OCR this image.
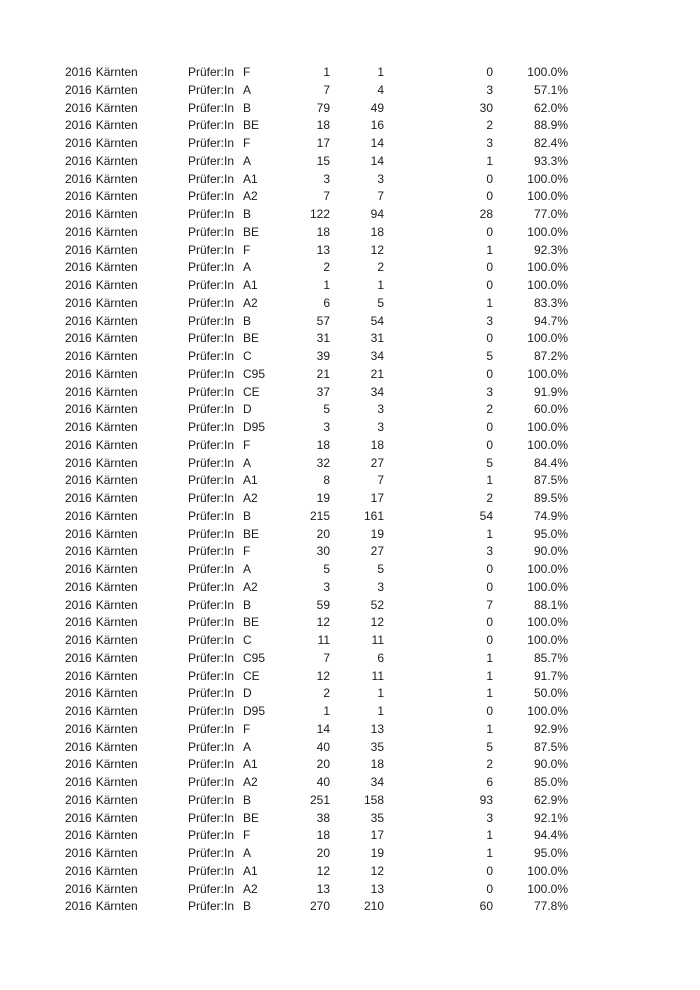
2016 Kärnten	Prüfer:In F	1	1	0	100.0%
2016 Kärnten	Prüfer:In A	7	4	3	57.1%
2016 Kärnten	Prüfer:In B	79	49	30	62.0%
2016 Kärnten	Prüfer:In BE	18	16	2	88.9%
2016 Kärnten	Prüfer:In F	17	14	3	82.4%
2016 Kärnten	Prüfer:In A	15	14	1	93.3%
2016 Kärnten	Prüfer:In A1	3	3	0	100.0%
2016 Kärnten	Prüfer:In A2	7	7	0	100.0%
2016 Kärnten	Prüfer:In B	122	94	28	77.0%
2016 Kärnten	Prüfer:In BE	18	18	0	100.0%
2016 Kärnten	Prüfer:In F	13	12	1	92.3%
2016 Kärnten	Prüfer:In A	2	2	0	100.0%
2016 Kärnten	Prüfer:In A1	1	1	0	100.0%
2016 Kärnten	Prüfer:In A2	6	5	1	83.3%
2016 Kärnten	Prüfer:In B	57	54	3	94.7%
2016 Kärnten	Prüfer:In BE	31	31	0	100.0%
2016 Kärnten	Prüfer:In C	39	34	5	87.2%
2016 Kärnten	Prüfer:In C95	21	21	0	100.0%
2016 Kärnten	Prüfer:In CE	37	34	3	91.9%
2016 Kärnten	Prüfer:In D	5	3	2	60.0%
2016 Kärnten	Prüfer:In D95	3	3	0	100.0%
2016 Kärnten	Prüfer:In F	18	18	0	100.0%
2016 Kärnten	Prüfer:In A	32	27	5	84.4%
2016 Kärnten	Prüfer:In A1	8	7	1	87.5%
2016 Kärnten	Prüfer:In A2	19	17	2	89.5%
2016 Kärnten	Prüfer:In B	215	161	54	74.9%
2016 Kärnten	Prüfer:In BE	20	19	1	95.0%
2016 Kärnten	Prüfer:In F	30	27	3	90.0%
2016 Kärnten	Prüfer:In A	5	5	0	100.0%
2016 Kärnten	Prüfer:In A2	3	3	0	100.0%
2016 Kärnten	Prüfer:In B	59	52	7	88.1%
2016 Kärnten	Prüfer:In BE	12	12	0	100.0%
2016 Kärnten	Prüfer:In C	11	11	0	100.0%
2016 Kärnten	Prüfer:In C95	7	6	1	85.7%
2016 Kärnten	Prüfer:In CE	12	11	1	91.7%
2016 Kärnten	Prüfer:In D	2	1	1	50.0%
2016 Kärnten	Prüfer:In D95	1	1	0	100.0%
2016 Kärnten	Prüfer:In F	14	13	1	92.9%
2016 Kärnten	Prüfer:In A	40	35	5	87.5%
2016 Kärnten	Prüfer:In A1	20	18	2	90.0%
2016 Kärnten	Prüfer:In A2	40	34	6	85.0%
2016 Kärnten	Prüfer:In B	251	158	93	62.9%
2016 Kärnten	Prüfer:In BE	38	35	3	92.1%
2016 Kärnten	Prüfer:In F	18	17	1	94.4%
2016 Kärnten	Prüfer:In A	20	19	1	95.0%
2016 Kärnten	Prüfer:In A1	12	12	0	100.0%
2016 Kärnten	Prüfer:In A2	13	13	0	100.0%
2016 Kärnten	Prüfer:In B	270	210	60	77.8%
